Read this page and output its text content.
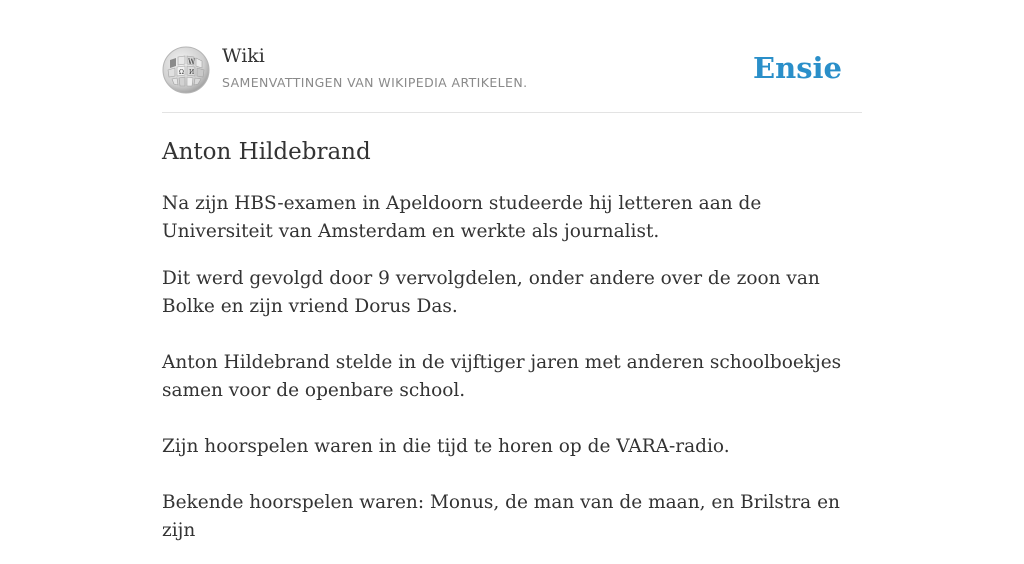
W
Ω И
Wiki

SAMENVATTINGEN VAN WIKIPEDIA ARTIKELEN.	Ensie
Anton Hildebrand

Na zijn HBS-examen in Apeldoorn studeerde hij letteren aan de Universiteit van Amsterdam en werkte als journalist.

Dit werd gevolgd door 9 vervolgdelen, onder andere over de zoon van Bolke en zijn vriend Dorus Das.

Anton Hildebrand stelde in de vijftiger jaren met anderen schoolboekjes samen voor de openbare school.

Zijn hoorspelen waren in die tijd te horen op de VARA-radio.

Bekende hoorspelen waren: Monus, de man van de maan, en Brilstra en zijn
